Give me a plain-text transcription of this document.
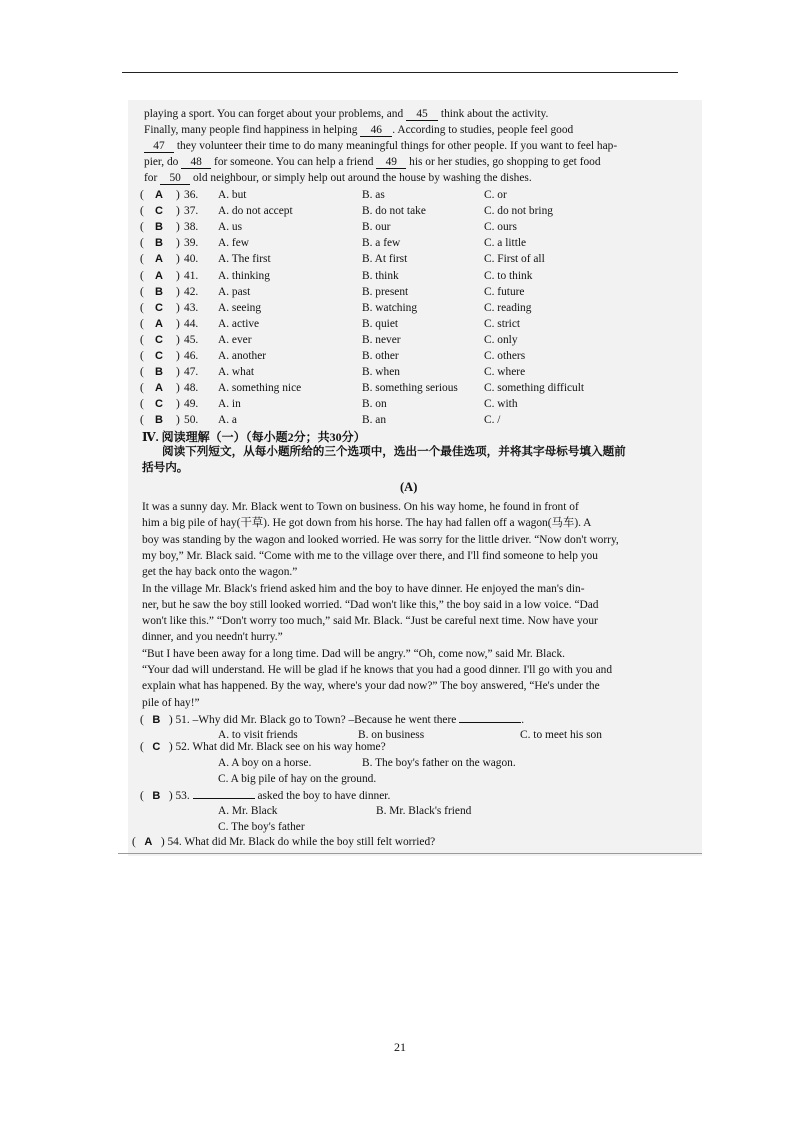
playing a sport. You can forget about your problems, and 45 think about the activity.
Finally, many people find happiness in helping 46 . According to studies, people feel good
47 they volunteer their time to do many meaningful things for other people. If you want to feel hap-
pier, do 48 for someone. You can help a friend 49 his or her studies, go shopping to get food
for 50 old neighbour, or simply help out around the house by washing the dishes.
( A ) 36. A. but	B. as	C. or
( C ) 37. A. do not accept	B. do not take	C. do not bring
( B ) 38. A. us	B. our	C. ours
( B ) 39. A. few	B. a few	C. a little
( A ) 40. A. The first	B. At first	C. First of all
( A ) 41. A. thinking	B. think	C. to think
( B ) 42. A. past	B. present	C. future
( C ) 43. A. seeing	B. watching	C. reading
( A ) 44. A. active	B. quiet	C. strict
( C ) 45. A. ever	B. never	C. only
( C ) 46. A. another	B. other	C. others
( B ) 47. A. what	B. when	C. where
( A ) 48. A. something nice	B. something serious C. something difficult
( C ) 49. A. in	B. on	C. with
( B ) 50. A. a	B. an	C. /
Ⅳ. 阅读理解（一）（每小题2分；共30分）
阅读下列短文，从每小题所给的三个选项中，选出一个最佳选项，并将其字母标号填入题前
括号内。
(A)
It was a sunny day. Mr. Black went to Town on business. On his way home, he found in front of
him a big pile of hay(干草). He got down from his horse. The hay had fallen off a wagon(马车). A
boy was standing by the wagon and looked worried. He was sorry for the little driver. “Now don't worry,
my boy,” Mr. Black said. “Come with me to the village over there, and I'll find someone to help you
get the hay back onto the wagon.”
In the village Mr. Black's friend asked him and the boy to have dinner. He enjoyed the man's din-
ner, but he saw the boy still looked worried. “Dad won't like this,” the boy said in a low voice. “Dad
won't like this.” “Don't worry too much,” said Mr. Black. “Just be careful next time. Now have your
dinner, and you needn't hurry.”
“But I have been away for a long time. Dad will be angry.” “Oh, come now,” said Mr. Black.
“Your dad will understand. He will be glad if he knows that you had a good dinner. I'll go with you and
explain what has happened. By the way, where's your dad now?” The boy answered, “He's under the
pile of hay!”
(   B   ) 51. –Why did Mr. Black go to Town? –Because he went there	.
A. to visit friends	B. on business	C. to meet his son
(   C   ) 52. What did Mr. Black see on his way home?
A. A boy on a horse.	B. The boy's father on the wagon.
C. A big pile of hay on the ground.
(   B   ) 53.	asked the boy to have dinner.
A. Mr. Black	B. Mr. Black's friend
C. The boy's father
(   A   ) 54. What did Mr. Black do while the boy still felt worried?
21
